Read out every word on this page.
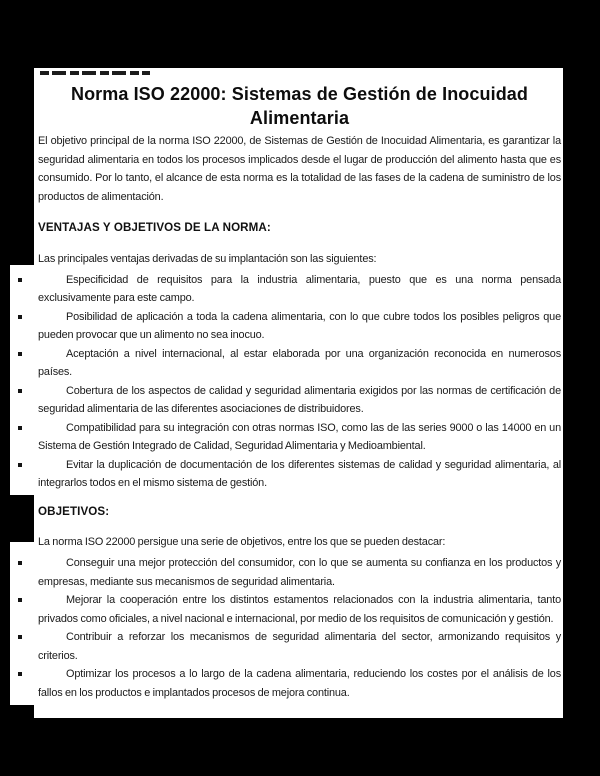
Norma ISO 22000: Sistemas de Gestión de Inocuidad Alimentaria

El objetivo principal de la norma ISO 22000, de Sistemas de Gestión de Inocuidad Alimentaria, es garantizar la seguridad alimentaria en todos los procesos implicados desde el lugar de producción del alimento hasta que es consumido. Por lo tanto, el alcance de esta norma es la totalidad de las fases de la cadena de suministro de los productos de alimentación.

VENTAJAS Y OBJETIVOS DE LA NORMA:

Las principales ventajas derivadas de su implantación son las siguientes:

Especificidad de requisitos para la industria alimentaria, puesto que es una norma pensada exclusivamente para este campo.
Posibilidad de aplicación a toda la cadena alimentaria, con lo que cubre todos los posibles peligros que pueden provocar que un alimento no sea inocuo.
Aceptación a nivel internacional, al estar elaborada por una organización reconocida en numerosos países.
Cobertura de los aspectos de calidad y seguridad alimentaria exigidos por las normas de certificación de seguridad alimentaria de las diferentes asociaciones de distribuidores.
Compatibilidad para su integración con otras normas ISO, como las de las series 9000 o las 14000 en un Sistema de Gestión Integrado de Calidad, Seguridad Alimentaria y Medioambiental.
Evitar la duplicación de documentación de los diferentes sistemas de calidad y seguridad alimentaria, al integrarlos todos en el mismo sistema de gestión.
OBJETIVOS:

La norma ISO 22000 persigue una serie de objetivos, entre los que se pueden destacar:

Conseguir una mejor protección del consumidor, con lo que se aumenta su confianza en los productos y empresas, mediante sus mecanismos de seguridad alimentaria.
Mejorar la cooperación entre los distintos estamentos relacionados con la industria alimentaria, tanto privados como oficiales, a nivel nacional e internacional, por medio de los requisitos de comunicación y gestión.
Contribuir a reforzar los mecanismos de seguridad alimentaria del sector, armonizando requisitos y criterios.
Optimizar los procesos a lo largo de la cadena alimentaria, reduciendo los costes por el análisis de los fallos en los productos e implantados procesos de mejora continua.
